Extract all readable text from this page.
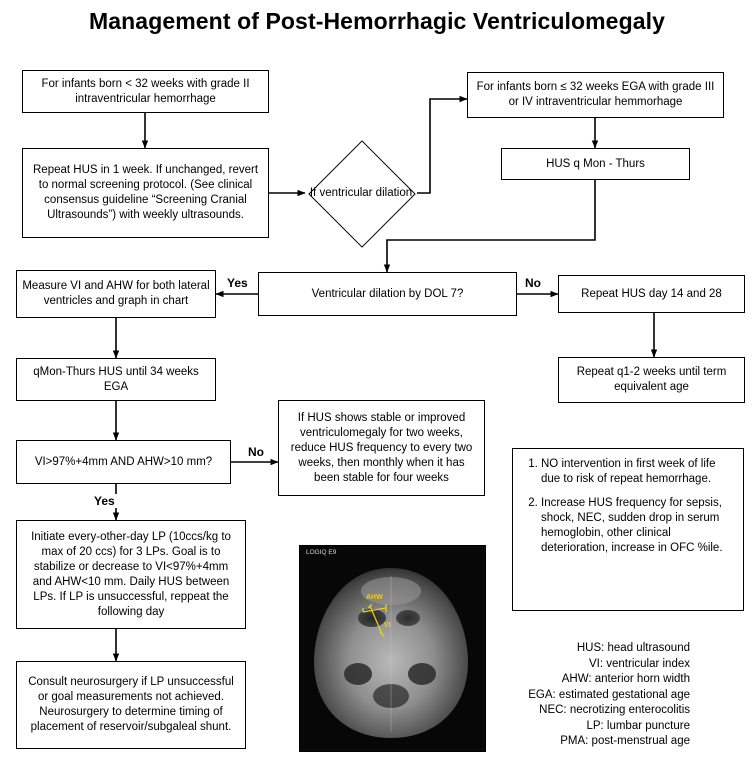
Management of Post-Hemorrhagic Ventriculomegaly
For infants born < 32 weeks with grade II intraventricular hemorrhage
For infants born ≤ 32 weeks EGA with grade III or IV intraventricular hemmorhage
Repeat HUS in 1 week. If unchanged, revert to normal screening protocol. (See clinical consensus guideline “Screening Cranial Ultrasounds”) with weekly ultrasounds.
HUS q Mon - Thurs
If ventricular dilation
Measure VI and AHW for both lateral ventricles and graph in chart
Ventricular dilation by DOL 7?	Repeat HUS day 14 and 28
Repeat q1-2 weeks until term equivalent age
qMon-Thurs HUS until 34 weeks EGA
VI>97%+4mm AND AHW>10 mm?
If HUS shows stable or improved ventriculomegaly for two weeks, reduce HUS frequency to every two weeks, then monthly when it has been stable for four weeks
Initiate every-other-day LP (10ccs/kg to max of 20 ccs) for 3 LPs. Goal is to stabilize or decrease to VI<97%+4mm and AHW<10 mm. Daily HUS between LPs. If LP is unsuccessful, reppeat the following day
Consult neurosurgery if LP unsuccessful or goal measurements not achieved. Neurosurgery to determine timing of placement of reservoir/subgaleal shunt.
Yes	No
No
Yes
1. NO intervention in first week of life due to risk of repeat hemorrhage.
2. Increase HUS frequency for sepsis, shock, NEC, sudden drop in serum hemoglobin, other clinical deterioration, increase in OFC %ile.
HUS: head ultrasound
VI: ventricular index
AHW: anterior horn width
EGA: estimated gestational age
NEC: necrotizing enterocolitis
LP: lumbar puncture
PMA: post-menstrual age
LOGIQ E9
AHW
VI
